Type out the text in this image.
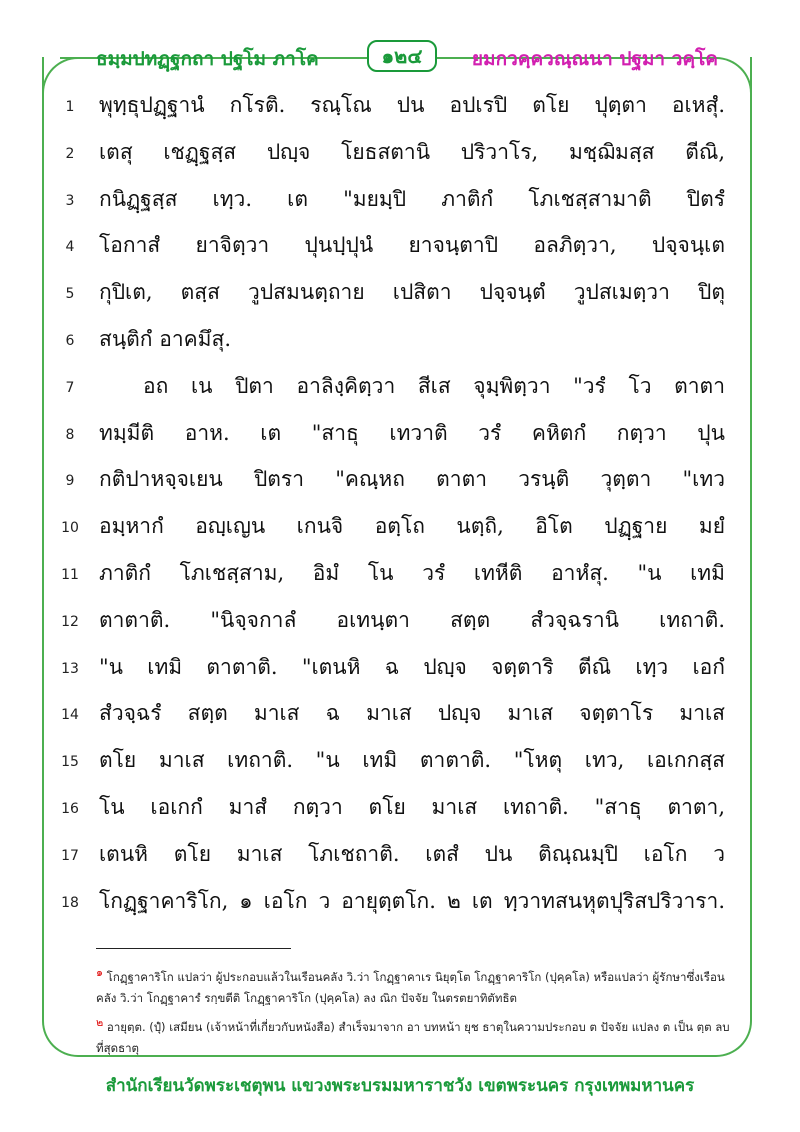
ธมฺมปทฏฺฐกถา ปฐโม ภาโค	๑๒๔	ยมกวคฺควณฺณนา ปฐมา วคฺโค
1	พุทฺธุปฏฺฐานํ กโรติ. รณฺโณ ปน อปเรปิ ตโย ปุตฺตา อเหสุํ.
2	เตสุ เชฏฺฐสฺส ปญฺจ โยธสตานิ ปริวาโร, มชฺฌิมสฺส ตีณิ,
3	กนิฏฺฐสฺส เทฺว. เต "มยมฺปิ ภาติกํ โภเชสฺสามาติ ปิตรํ
4	โอกาสํ ยาจิตฺวา ปุนปฺปุนํ ยาจนฺตาปิ อลภิตฺวา, ปจฺจนฺเต
5	กุปิเต, ตสฺส วูปสมนตฺถาย เปสิตา ปจฺจนฺตํ วูปสเมตฺวา ปิตุ
6	สนฺติกํ อาคมึสุ.
7	อถ เน ปิตา อาลิงฺคิตฺวา สีเส จุมฺพิตฺวา "วรํ โว ตาตา
8	ทมฺมีติ อาห. เต "สาธุ เทวาติ วรํ คหิตกํ กตฺวา ปุน
9	กติปาหจฺจเยน ปิตรา "คณฺหถ ตาตา วรนฺติ วุตฺตา "เทว
10 อมฺหากํ อญฺเญน เกนจิ อตฺโถ นตฺถิ, อิโต ปฏฺฐาย มยํ
11 ภาติกํ โภเชสฺสาม, อิมํ โน วรํ เทหีติ อาหํสุ. "น เทมิ
12 ตาตาติ. "นิจฺจกาลํ อเทนฺตา สตฺต สํวจฺฉรานิ เทถาติ.
13 "น เทมิ ตาตาติ. "เตนหิ ฉ ปญฺจ จตฺตาริ ตีณิ เทฺว เอกํ
14 สํวจฺฉรํ สตฺต มาเส ฉ มาเส ปญฺจ มาเส จตฺตาโร มาเส
15 ตโย มาเส เทถาติ. "น เทมิ ตาตาติ. "โหตุ เทว, เอเกกสฺส
16 โน เอเกกํ มาสํ กตฺวา ตโย มาเส เทถาติ. "สาธุ ตาตา,
17 เตนหิ ตโย มาเส โภเชถาติ. เตสํ ปน ติณฺณมฺปิ เอโก ว
18 โกฏฺฐาคาริโก, ๑ เอโก ว อายุตฺตโก. ๒ เต ทฺวาทสนหุตปุริสปริวารา.
๑ โกฏฺฐาคาริโก แปลว่า ผู้ประกอบแล้วในเรือนคลัง วิ.ว่า โกฏฺฐาคาเร นิยุตฺโต โกฏฺฐาคาริโก (ปุคฺคโล) หรือแปลว่า ผู้รักษาซึ่งเรือนคลัง วิ.ว่า โกฏฺฐาคารํ รกฺขตีติ โกฏฺฐาคาริโก (ปุคฺคโล) ลง ณิก ปัจจัย ในตรตยาทิตัทธิต
๒ อายุตฺต. (ปุํ) เสมียน (เจ้าหน้าที่เกี่ยวกับหนังสือ) สำเร็จมาจาก อา บทหน้า ยุช ธาตุในความประกอบ ต ปัจจัย แปลง ต เป็น ตฺต ลบที่สุดธาตุ
สำนักเรียนวัดพระเชตุพน แขวงพระบรมมหาราชวัง เขตพระนคร กรุงเทพมหานคร
